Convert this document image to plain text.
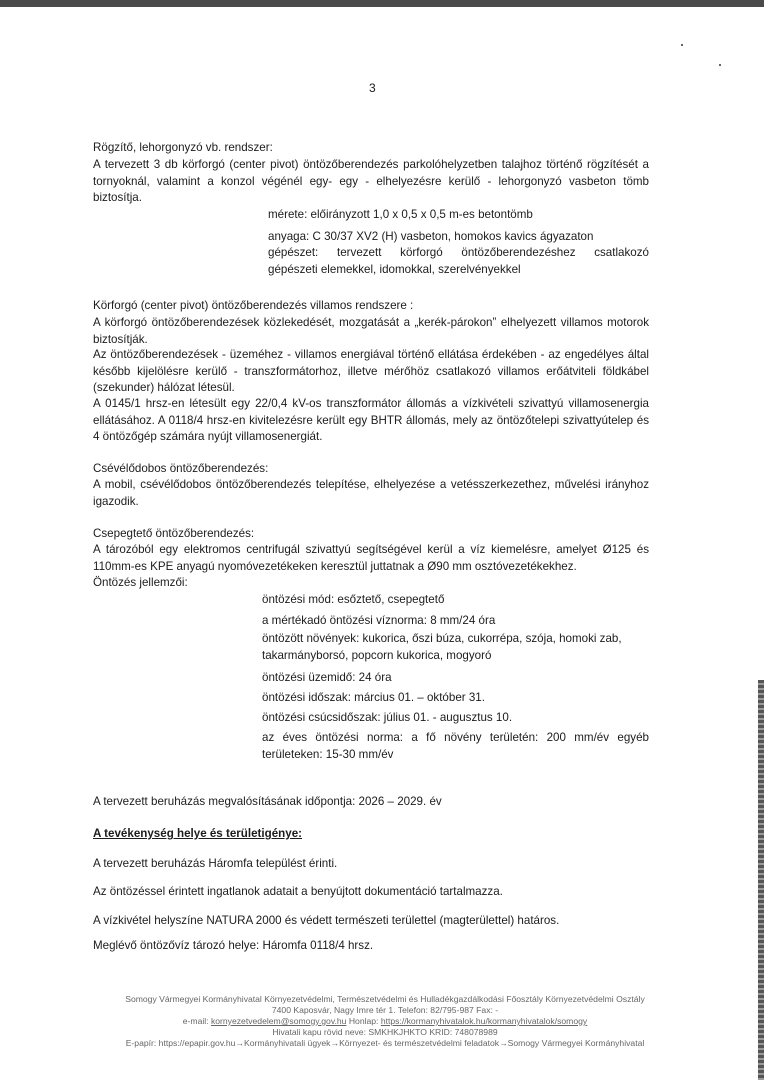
3

Rögzítő, lehorgonyzó vb. rendszer:

A tervezett 3 db körforgó (center pivot) öntözőberendezés parkolóhelyzetben talajhoz történő rögzítését a tornyoknál, valamint a konzol végénél egy- egy - elhelyezésre kerülő - lehorgonyzó vasbeton tömb biztosítja.

mérete: előirányzott 1,0 x 0,5 x 0,5 m-es betontömb

anyaga: C 30/37 XV2 (H) vasbeton, homokos kavics ágyazaton

gépészet: tervezett körforgó öntözőberendezéshez csatlakozó

gépészeti elemekkel, idomokkal, szerelvényekkel

Körforgó (center pivot) öntözőberendezés villamos rendszere :

A körforgó öntözőberendezések közlekedését, mozgatását a „kerék-párokon” elhelyezett villamos motorok biztosítják.

Az öntözőberendezések - üzeméhez - villamos energiával történő ellátása érdekében - az engedélyes által később kijelölésre kerülő - transzformátorhoz, illetve mérőhöz csatlakozó villamos erőátviteli földkábel (szekunder) hálózat létesül.

A 0145/1 hrsz-en létesült egy 22/0,4 kV-os transzformátor állomás a vízkivételi szivattyú villamosenergia ellátásához. A 0118/4 hrsz-en kivitelezésre került egy BHTR állomás, mely az öntözőtelepi szivattyútelep és 4 öntözőgép számára nyújt villamosenergiát.

Csévélődobos öntözőberendezés:

A mobil, csévélődobos öntözőberendezés telepítése, elhelyezése a vetésszerkezethez, művelési irányhoz igazodik.

Csepegtető öntözőberendezés:

A tározóból egy elektromos centrifugál szivattyú segítségével kerül a víz kiemelésre, amelyet Ø125 és 110mm-es KPE anyagú nyomóvezetékeken keresztül juttatnak a Ø90 mm osztóvezetékekhez.

Öntözés jellemzői:

öntözési mód: esőztető, csepegtető

a mértékadó öntözési víznorma: 8 mm/24 óra

öntözött növények: kukorica, őszi búza, cukorrépa, szója, homoki zab, takarmányborsó, popcorn kukorica, mogyoró

öntözési üzemidő: 24 óra

öntözési időszak: március 01. – október 31.

öntözési csúcsidőszak: július 01. - augusztus 10.

az éves öntözési norma: a fő növény területén: 200 mm/év egyéb területeken: 15-30 mm/év

A tervezett beruházás megvalósításának időpontja: 2026 – 2029. év

A tevékenység helye és területigénye:

A tervezett beruházás Háromfa települést érinti.

Az öntözéssel érintett ingatlanok adatait a benyújtott dokumentáció tartalmazza.

A vízkivétel helyszíne NATURA 2000 és védett természeti területtel (magterülettel) határos.

Meglévő öntözővíz tározó helye: Háromfa 0118/4 hrsz.

Somogy Vármegyei Kormányhivatal Környezetvédelmi, Természetvédelmi és Hulladékgazdálkodási Főosztály Környezetvédelmi Osztály
7400 Kaposvár, Nagy Imre tér 1. Telefon: 82/795-987 Fax: -
e-mail: kornyezetvedelem@somogy.gov.hu Honlap: https://kormanyhivatalok.hu/kormanyhivatalok/somogy
Hivatali kapu rövid neve: SMKHKJHKTO KRID: 748078989
E-papír: https://epapir.gov.hu→Kormányhivatali ügyek→Környezet- és természetvédelmi feladatok→Somogy Vármegyei Kormányhivatal
